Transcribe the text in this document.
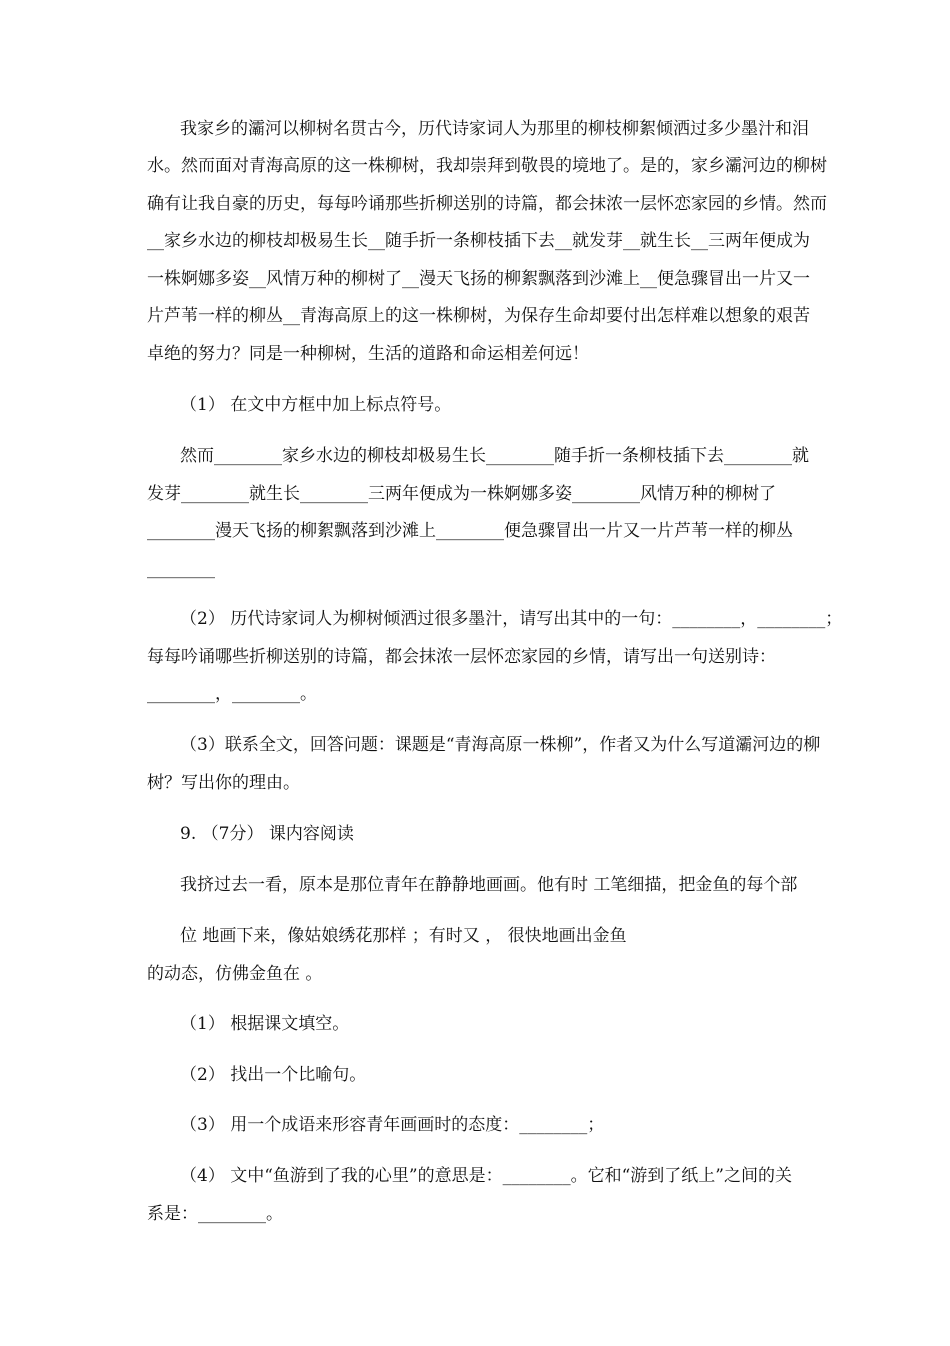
我家乡的灞河以柳树名贯古今，历代诗家词人为那里的柳枝柳絮倾洒过多少墨汁和泪
水。然而面对青海高原的这一株柳树，我却崇拜到敬畏的境地了。是的，家乡灞河边的柳树
确有让我自豪的历史，每每吟诵那些折柳送别的诗篇，都会抹浓一层怀恋家园的乡情。然而
__家乡水边的柳枝却极易生长__随手折一条柳枝插下去__就发芽__就生长__三两年便成为
一株婀娜多姿__风情万种的柳树了__漫天飞扬的柳絮飘落到沙滩上__便急骤冒出一片又一
片芦苇一样的柳丛__青海高原上的这一株柳树，为保存生命却要付出怎样难以想象的艰苦
卓绝的努力？同是一种柳树，生活的道路和命运相差何远！
（1） 在文中方框中加上标点符号。
然而________家乡水边的柳枝却极易生长________随手折一条柳枝插下去________就
发芽________就生长________三两年便成为一株婀娜多姿________风情万种的柳树了
________漫天飞扬的柳絮飘落到沙滩上________便急骤冒出一片又一片芦苇一样的柳丛
________
（2） 历代诗家词人为柳树倾洒过很多墨汁，请写出其中的一句：________，________；
每每吟诵哪些折柳送别的诗篇，都会抹浓一层怀恋家园的乡情，请写出一句送别诗：
________，________。
（3）联系全文，回答问题：课题是“青海高原一株柳”，作者又为什么写道灞河边的柳
树？写出你的理由。
9. （7分） 课内容阅读
我挤过去一看，原本是那位青年在静静地画画。他有时 工笔细描，把金鱼的每个部
位 地画下来，像姑娘绣花那样 ；有时又 ， 很快地画出金鱼
的动态，仿佛金鱼在 。
（1） 根据课文填空。
（2） 找出一个比喻句。
（3） 用一个成语来形容青年画画时的态度：________；
（4） 文中“鱼游到了我的心里”的意思是：________。它和“游到了纸上”之间的关
系是：________。
